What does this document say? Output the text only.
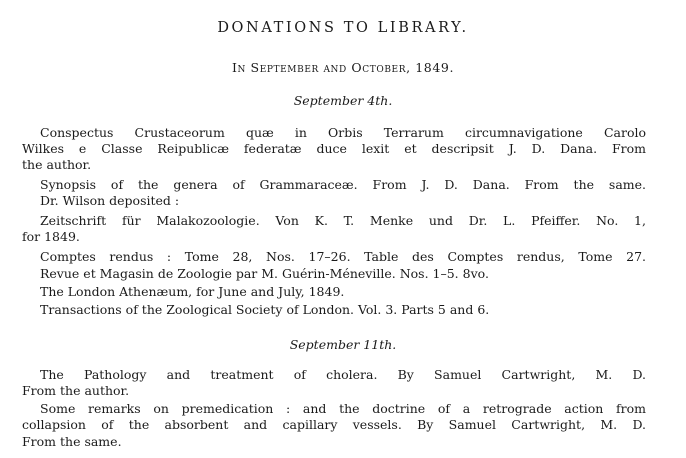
DONATIONS TO LIBRARY.
In September and October, 1849.
September 4th.
Conspectus Crustaceorum quæ in Orbis Terrarum circumnavigatione Carolo
Wilkes e Classe Reipublicæ federatæ duce lexit et descripsit J. D. Dana. From
the author.
Synopsis of the genera of Grammaraceæ. From J. D. Dana. From the same.
Dr. Wilson deposited :
Zeitschrift für Malakozoologie. Von K. T. Menke und Dr. L. Pfeiffer. No. 1,
for 1849.
Comptes rendus : Tome 28, Nos. 17–26. Table des Comptes rendus, Tome 27.
Revue et Magasin de Zoologie par M. Guérin-Méneville. Nos. 1–5. 8vo.
The London Athenæum, for June and July, 1849.
Transactions of the Zoological Society of London. Vol. 3. Parts 5 and 6.
September 11th.
The Pathology and treatment of cholera. By Samuel Cartwright, M. D.
From the author.
Some remarks on premedication : and the doctrine of a retrograde action from
collapsion of the absorbent and capillary vessels. By Samuel Cartwright, M. D.
From the same.
